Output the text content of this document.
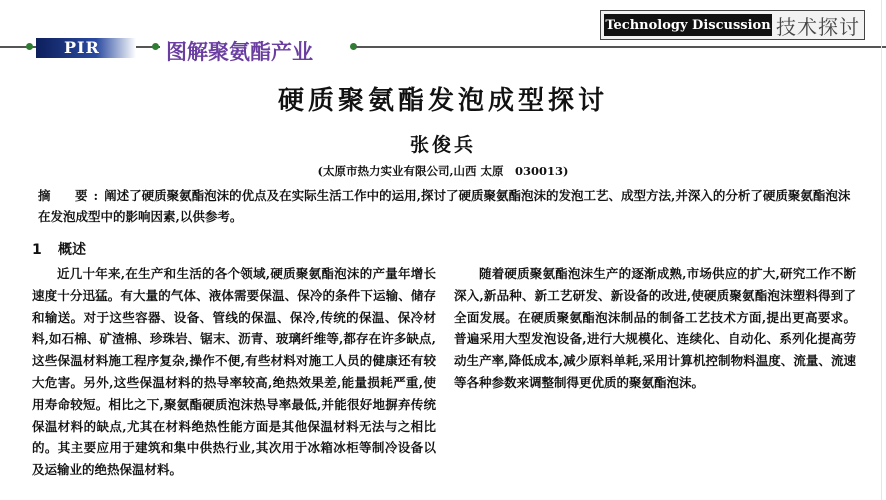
PIR	图解聚氨酯产业
Technology Discussion 技术探讨
硬质聚氨酯发泡成型探讨
张俊兵
(太原市热力实业有限公司,山西 太原　030013)
摘　要:阐述了硬质聚氨酯泡沫的优点及在实际生活工作中的运用,探讨了硬质聚氨酯泡沫的发泡工艺、成型方法,并深入的分析了硬质聚氨酯泡沫在发泡成型中的影响因素,以供参考。
1 概述
近几十年来,在生产和生活的各个领域,硬质聚氨酯泡沫的产量年增长速度十分迅猛。有大量的气体、液体需要保温、保冷的条件下运输、储存和输送。对于这些容器、设备、管线的保温、保冷,传统的保温、保冷材料,如石棉、矿渣棉、珍珠岩、锯末、沥青、玻璃纤维等,都存在许多缺点,这些保温材料施工程序复杂,操作不便,有些材料对施工人员的健康还有较大危害。另外,这些保温材料的热导率较高,绝热效果差,能量损耗严重,使用寿命较短。相比之下,聚氨酯硬质泡沫热导率最低,并能很好地摒弃传统保温材料的缺点,尤其在材料绝热性能方面是其他保温材料无法与之相比的。其主要应用于建筑和集中供热行业,其次用于冰箱冰柜等制冷设备以及运输业的绝热保温材料。
随着硬质聚氨酯泡沫生产的逐渐成熟,市场供应的扩大,研究工作不断深入,新品种、新工艺研发、新设备的改进,使硬质聚氨酯泡沫塑料得到了全面发展。在硬质聚氨酯泡沫制品的制备工艺技术方面,提出更高要求。普遍采用大型发泡设备,进行大规模化、连续化、自动化、系列化提高劳动生产率,降低成本,减少原料单耗,采用计算机控制物料温度、流量、流速等各种参数来调整制得更优质的聚氨酯泡沫。
